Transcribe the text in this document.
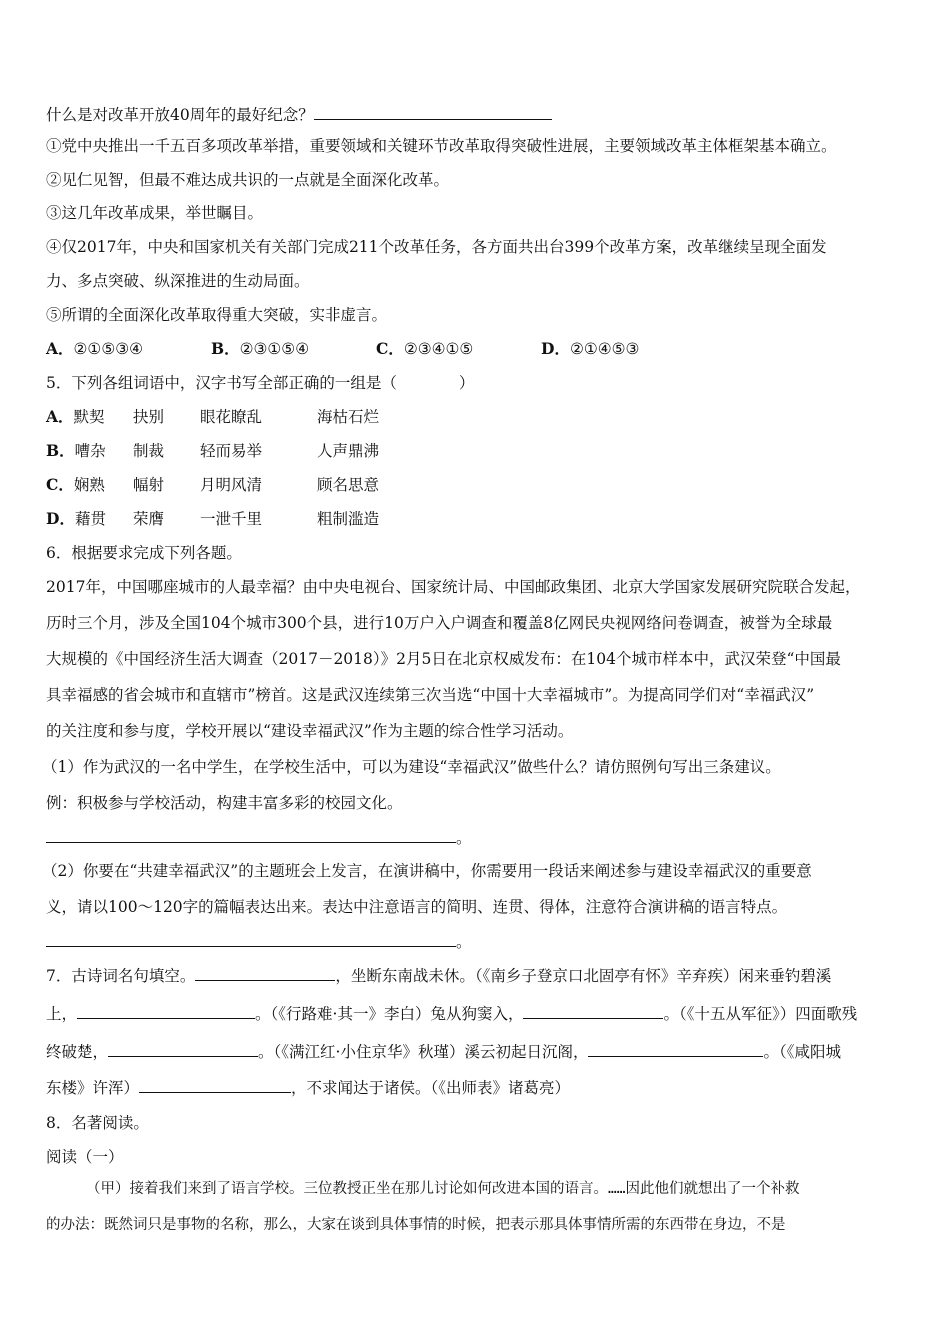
什么是对改革开放40周年的最好纪念？
①党中央推出一千五百多项改革举措，重要领域和关键环节改革取得突破性进展，主要领域改革主体框架基本确立。
②见仁见智，但最不难达成共识的一点就是全面深化改革。
③这几年改革成果，举世瞩目。
④仅2017年，中央和国家机关有关部门完成211个改革任务，各方面共出台399个改革方案，改革继续呈现全面发
力、多点突破、纵深推进的生动局面。
⑤所谓的全面深化改革取得重大突破，实非虚言。
A．②①⑤③④	B．②③①⑤④	C．②③④①⑤	D．②①④⑤③
5．下列各组词语中，汉字书写全部正确的一组是（　　　　）
A．默契 抉别 眼花瞭乱	海枯石烂
B．嘈杂 制裁 轻而易举	人声鼎沸
C．娴熟 幅射 月明风清	顾名思意
D．藉贯 荣膺 一泄千里	粗制滥造
6．根据要求完成下列各题。
2017年，中国哪座城市的人最幸福？由中央电视台、国家统计局、中国邮政集团、北京大学国家发展研究院联合发起，
历时三个月，涉及全国104个城市300个县，进行10万户入户调查和覆盖8亿网民央视网络问卷调查，被誉为全球最
大规模的《中国经济生活大调查（2017－2018）》2月5日在北京权威发布：在104个城市样本中，武汉荣登“中国最
具幸福感的省会城市和直辖市”榜首。这是武汉连续第三次当选“中国十大幸福城市”。为提高同学们对“幸福武汉”
的关注度和参与度，学校开展以“建设幸福武汉”作为主题的综合性学习活动。
（1）作为武汉的一名中学生，在学校生活中，可以为建设“幸福武汉”做些什么？请仿照例句写出三条建议。
例：积极参与学校活动，构建丰富多彩的校园文化。
。
（2）你要在“共建幸福武汉”的主题班会上发言，在演讲稿中，你需要用一段话来阐述参与建设幸福武汉的重要意
义，请以100～120字的篇幅表达出来。表达中注意语言的简明、连贯、得体，注意符合演讲稿的语言特点。
。
7．古诗词名句填空。	，坐断东南战未休。（《南乡子登京口北固亭有怀》辛弃疾）闲来垂钓碧溪
上，	。（《行路难·其一》李白）兔从狗窦入，	。（《十五从军征》）四面歌残
终破楚，	。（《满江红·小住京华》秋瑾）溪云初起日沉阁，	。（《咸阳城
东楼》许浑）	，不求闻达于诸侯。（《出师表》诸葛亮）
8．名著阅读。
阅读（一）
（甲）接着我们来到了语言学校。三位教授正坐在那儿讨论如何改进本国的语言。……因此他们就想出了一个补救
的办法：既然词只是事物的名称，那么，大家在谈到具体事情的时候，把表示那具体事情所需的东西带在身边，不是
